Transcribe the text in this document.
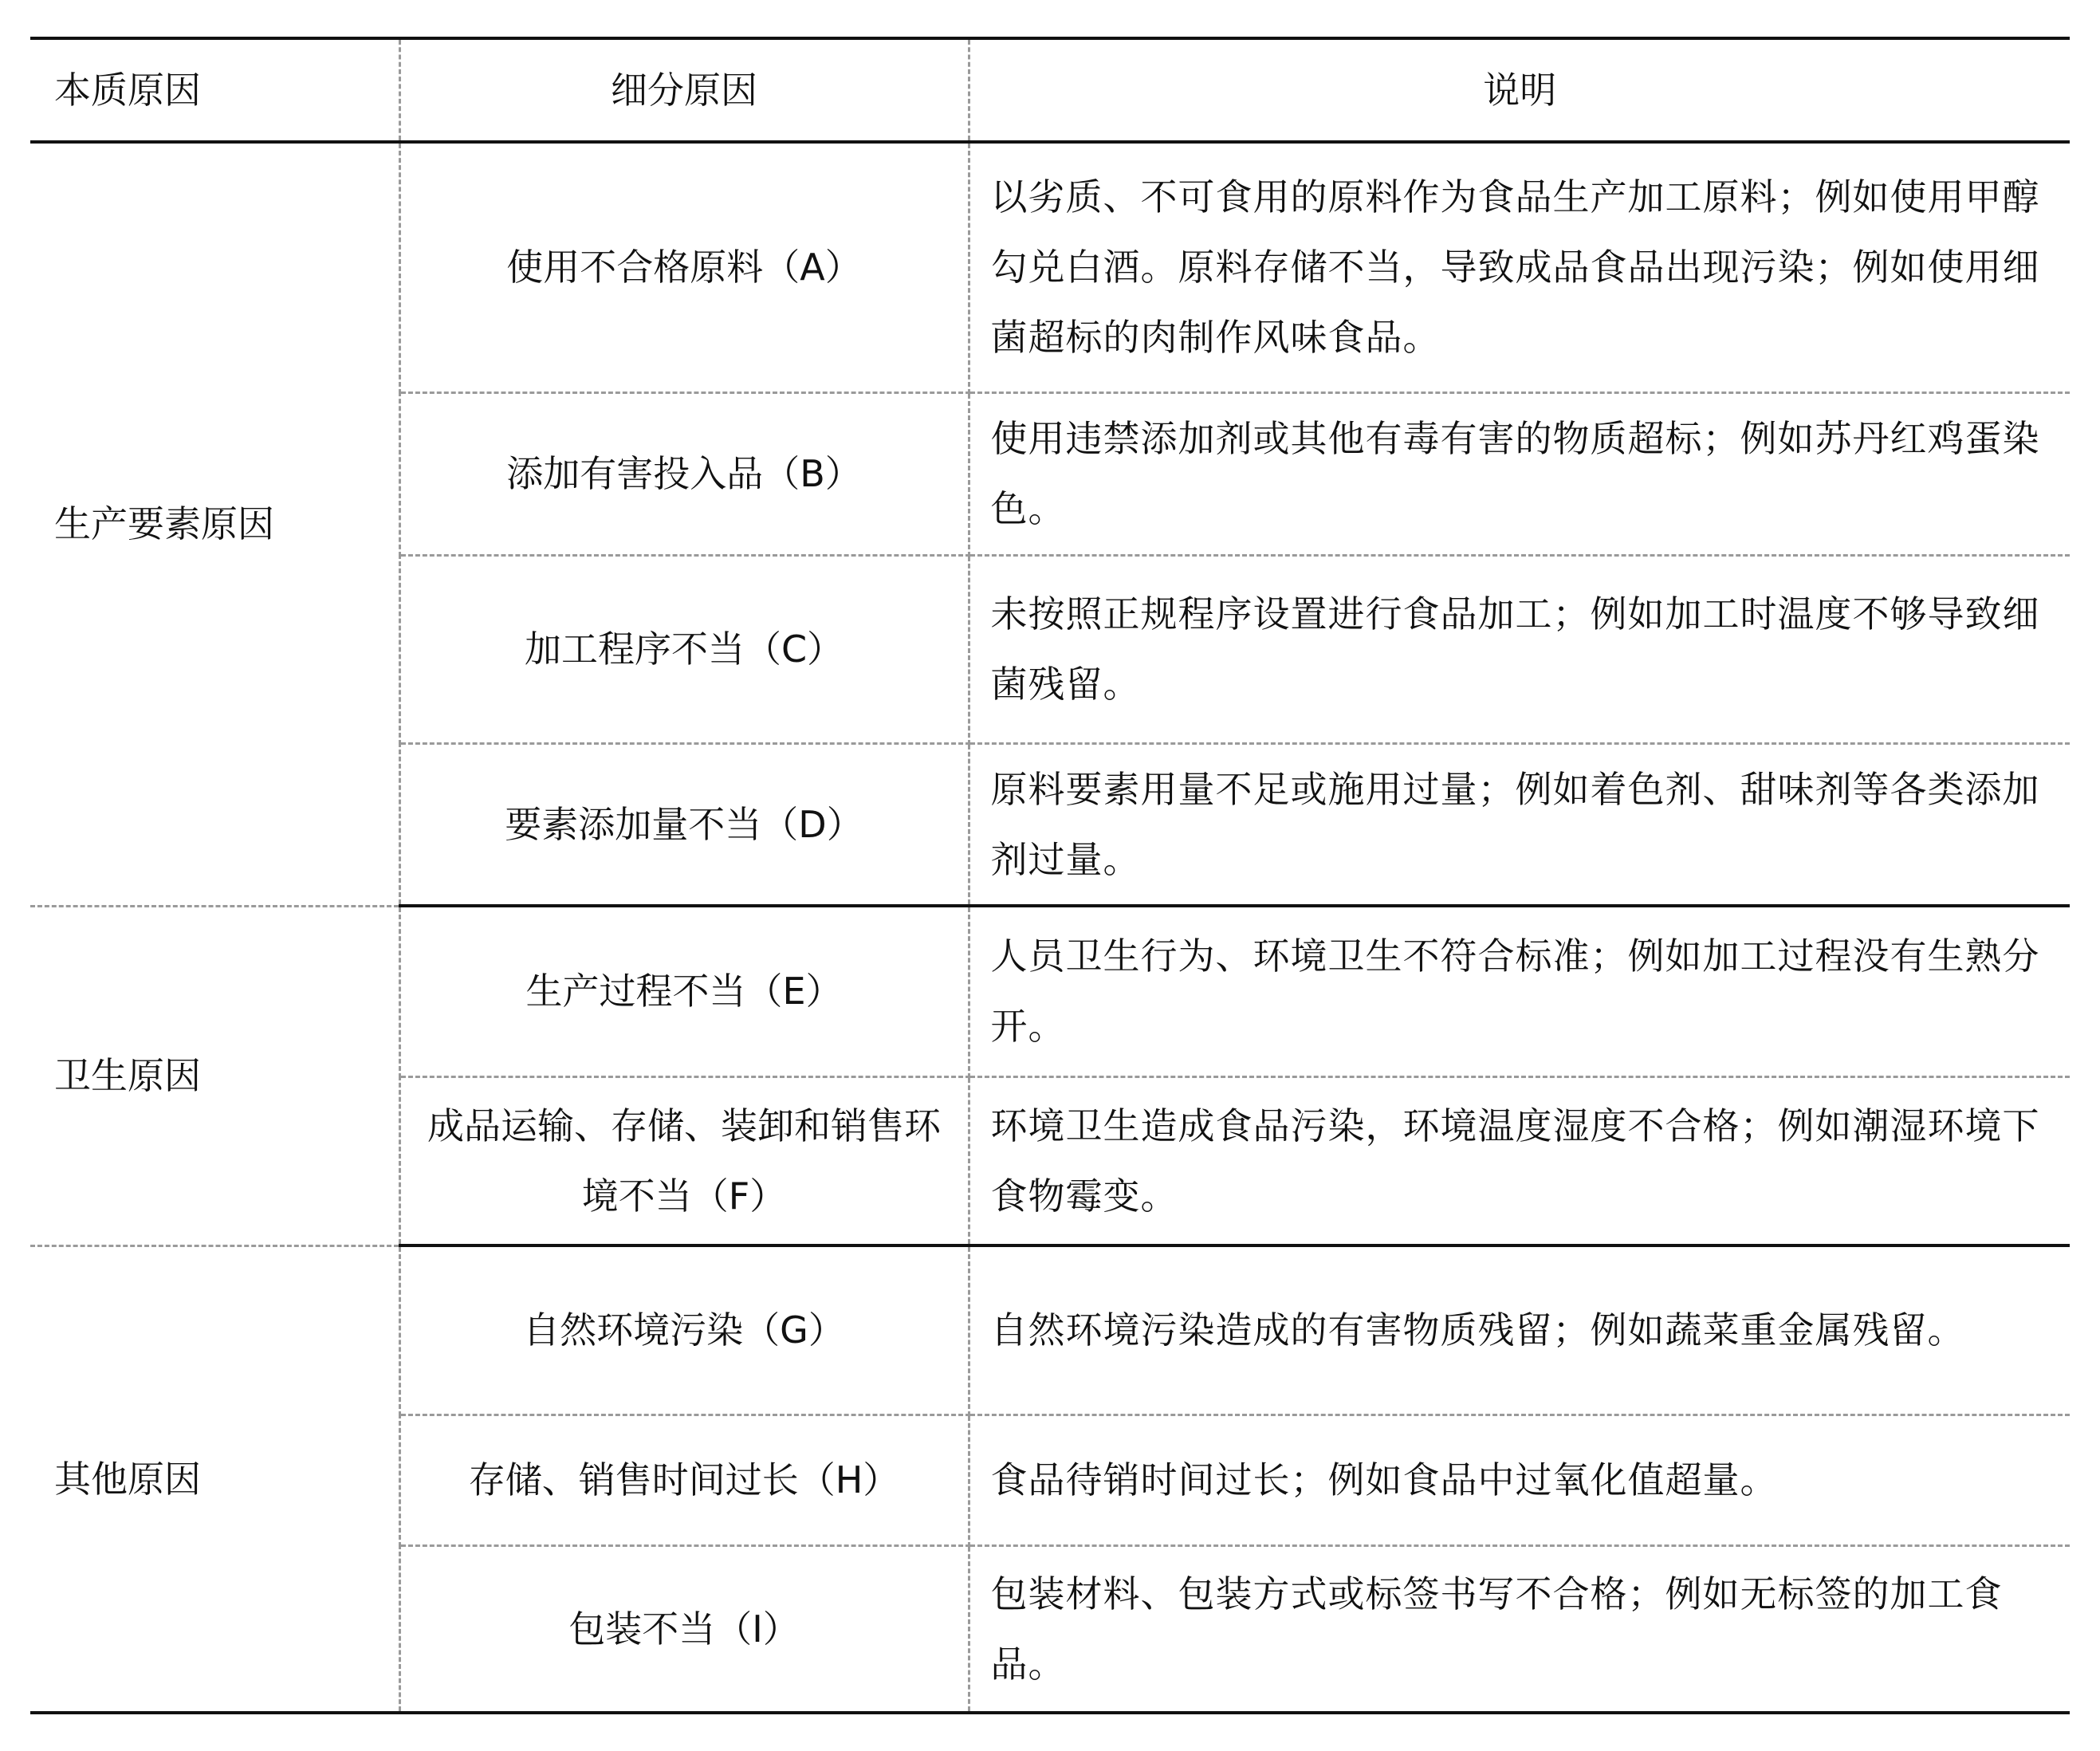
本质原因	细分原因	说明
生产要素原因	使用不合格原料（A）	以劣质、不可食用的原料作为食品生产加工原料；例如使用甲醇勾兑白酒。原料存储不当，导致成品食品出现污染；例如使用细菌超标的肉制作风味食品。
	添加有害投入品（B）	使用违禁添加剂或其他有毒有害的物质超标；例如苏丹红鸡蛋染色。
	加工程序不当（C）	未按照正规程序设置进行食品加工；例如加工时温度不够导致细菌残留。
	要素添加量不当（D）	原料要素用量不足或施用过量；例如着色剂、甜味剂等各类添加剂过量。
卫生原因	生产过程不当（E）	人员卫生行为、环境卫生不符合标准；例如加工过程没有生熟分开。
	成品运输、存储、装卸和销售环境不当（F）	环境卫生造成食品污染，环境温度湿度不合格；例如潮湿环境下食物霉变。
其他原因	自然环境污染（G）	自然环境污染造成的有害物质残留；例如蔬菜重金属残留。
	存储、销售时间过长（H）	食品待销时间过长；例如食品中过氧化值超量。
	包装不当（I）	包装材料、包装方式或标签书写不合格；例如无标签的加工食品。
